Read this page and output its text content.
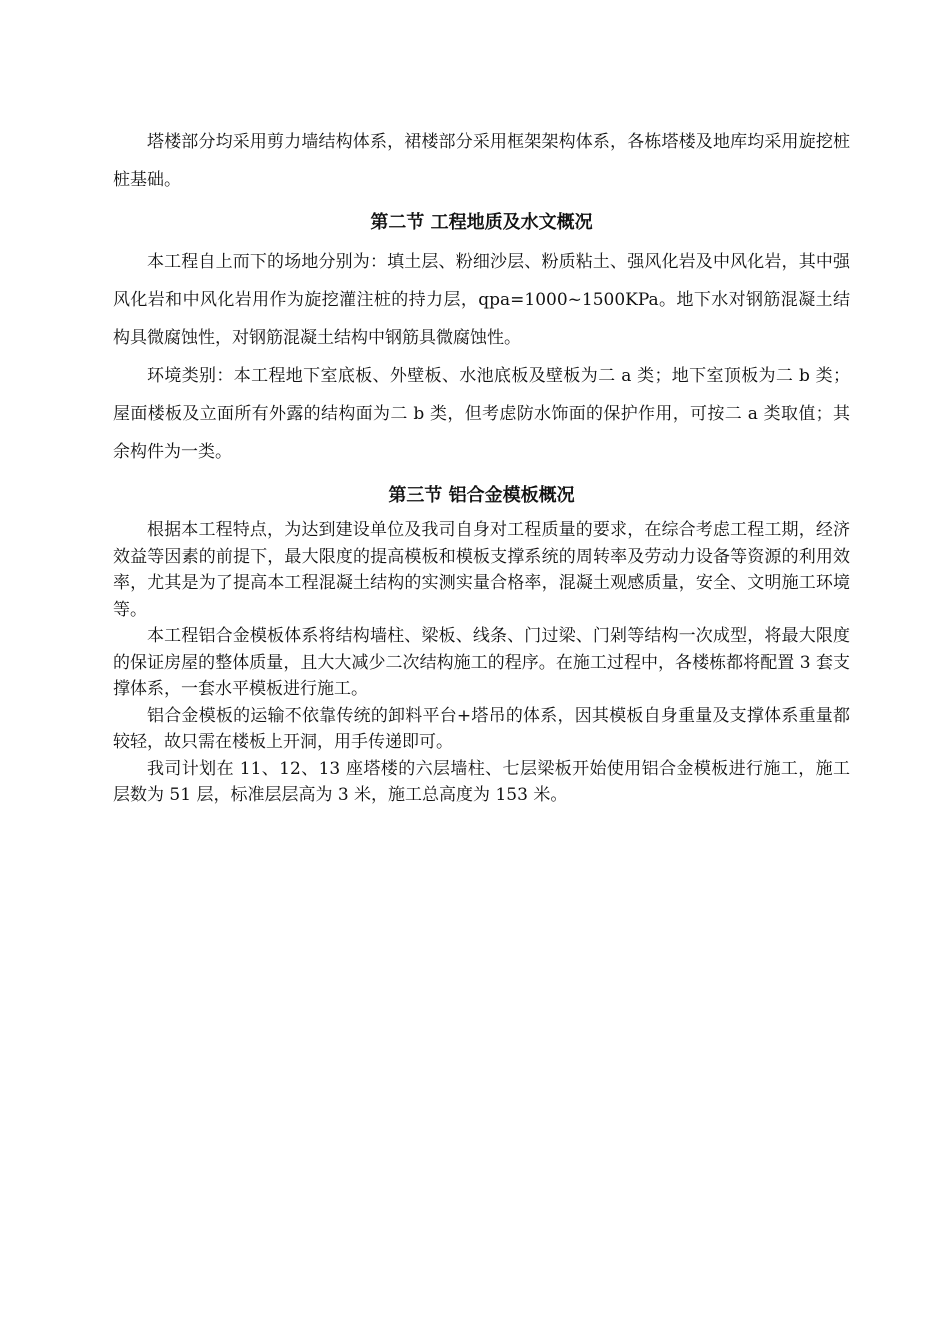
塔楼部分均采用剪力墙结构体系，裙楼部分采用框架架构体系，各栋塔楼及地库均采用旋挖桩桩基础。

第二节 工程地质及水文概况

本工程自上而下的场地分别为：填土层、粉细沙层、粉质粘土、强风化岩及中风化岩，其中强风化岩和中风化岩用作为旋挖灌注桩的持力层，qpa=1000~1500KPa。地下水对钢筋混凝土结构具微腐蚀性，对钢筋混凝土结构中钢筋具微腐蚀性。

环境类别：本工程地下室底板、外壁板、水池底板及壁板为二 a 类；地下室顶板为二 b 类；屋面楼板及立面所有外露的结构面为二 b 类，但考虑防水饰面的保护作用，可按二 a 类取值；其余构件为一类。

第三节 铝合金模板概况

根据本工程特点，为达到建设单位及我司自身对工程质量的要求，在综合考虑工程工期，经济效益等因素的前提下，最大限度的提高模板和模板支撑系统的周转率及劳动力设备等资源的利用效率，尤其是为了提高本工程混凝土结构的实测实量合格率，混凝土观感质量，安全、文明施工环境等。

本工程铝合金模板体系将结构墙柱、梁板、线条、门过梁、门剁等结构一次成型，将最大限度的保证房屋的整体质量，且大大减少二次结构施工的程序。在施工过程中，各楼栋都将配置 3 套支撑体系，一套水平模板进行施工。

铝合金模板的运输不依靠传统的卸料平台+塔吊的体系，因其模板自身重量及支撑体系重量都较轻，故只需在楼板上开洞，用手传递即可。

我司计划在 11、12、13 座塔楼的六层墙柱、七层梁板开始使用铝合金模板进行施工，施工层数为 51 层，标准层层高为 3 米，施工总高度为 153 米。
